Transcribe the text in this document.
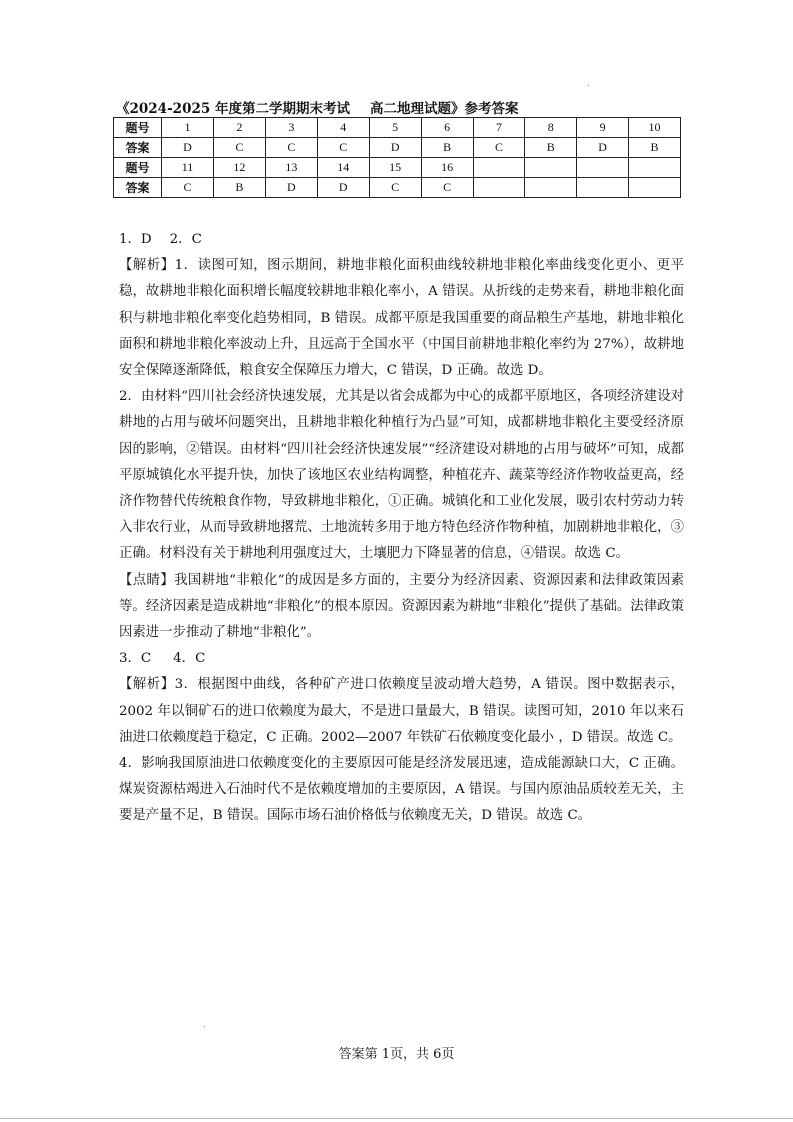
《2024-2025 年度第二学期期末考试 高二地理试题》参考答案
题号	1	2	3	4	5	6	7	8	9	10
答案	D	C	C	C	D	B	C	B	D	B
题号	11	12	13	14	15	16				
答案	C	B	D	D	C	C				

1．D 2．C

【解析】1．读图可知，图示期间，耕地非粮化面积曲线较耕地非粮化率曲线变化更小、更平稳，故耕地非粮化面积增长幅度较耕地非粮化率小，A 错误。从折线的走势来看，耕地非粮化面积与耕地非粮化率变化趋势相同，B 错误。成都平原是我国重要的商品粮生产基地，耕地非粮化面积和耕地非粮化率波动上升，且远高于全国水平（中国目前耕地非粮化率约为 27%），故耕地安全保障逐渐降低，粮食安全保障压力增大，C 错误，D 正确。故选 D。

2．由材料“四川社会经济快速发展，尤其是以省会成都为中心的成都平原地区，各项经济建设对耕地的占用与破坏问题突出，且耕地非粮化种植行为凸显”可知，成都耕地非粮化主要受经济原因的影响，②错误。由材料“四川社会经济快速发展”“经济建设对耕地的占用与破坏”可知，成都平原城镇化水平提升快，加快了该地区农业结构调整，种植花卉、蔬菜等经济作物收益更高，经济作物替代传统粮食作物，导致耕地非粮化，①正确。城镇化和工业化发展，吸引农村劳动力转入非农行业，从而导致耕地撂荒、土地流转多用于地方特色经济作物种植，加剧耕地非粮化，③正确。材料没有关于耕地利用强度过大，土壤肥力下降显著的信息，④错误。故选 C。

【点睛】我国耕地“非粮化”的成因是多方面的，主要分为经济因素、资源因素和法律政策因素等。经济因素是造成耕地“非粮化”的根本原因。资源因素为耕地“非粮化”提供了基础。法律政策因素进一步推动了耕地“非粮化”。

3．C 4．C

【解析】3．根据图中曲线，各种矿产进口依赖度呈波动增大趋势，A 错误。图中数据表示，2002 年以铜矿石的进口依赖度为最大，不是进口量最大，B 错误。读图可知，2010 年以来石油进口依赖度趋于稳定，C 正确。2002—2007 年铁矿石依赖度变化最小 ，D 错误。故选 C。

4．影响我国原油进口依赖度变化的主要原因可能是经济发展迅速，造成能源缺口大，C 正确。煤炭资源枯竭进入石油时代不是依赖度增加的主要原因，A 错误。与国内原油品质较差无关，主要是产量不足，B 错误。国际市场石油价格低与依赖度无关，D 错误。故选 C。

答案第 1页，共 6页
